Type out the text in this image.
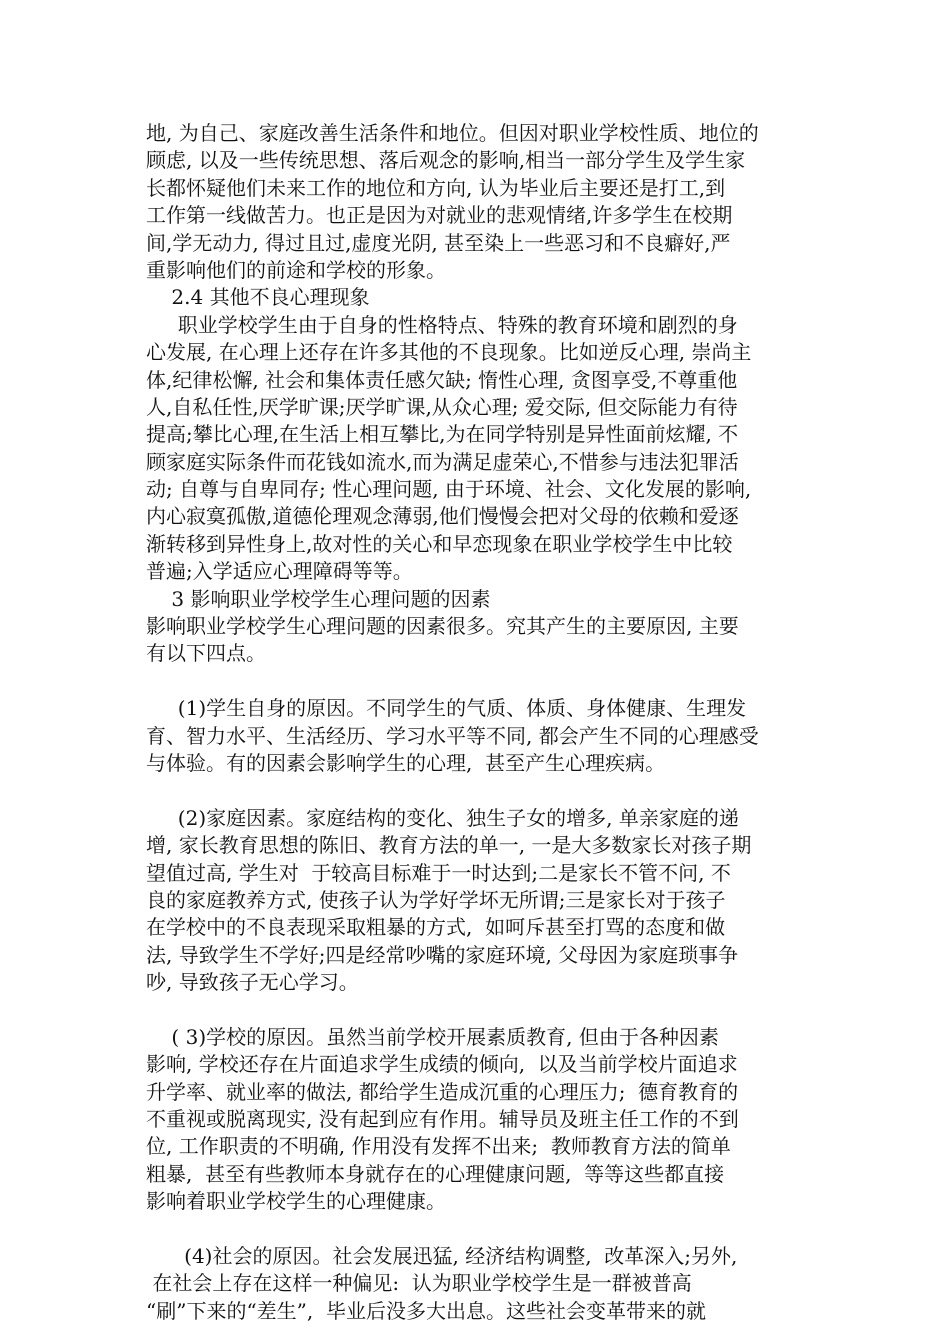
地, 为自己、家庭改善生活条件和地位。但因对职业学校性质、地位的

顾虑, 以及一些传统思想、落后观念的影响,相当一部分学生及学生家

长都怀疑他们未来工作的地位和方向, 认为毕业后主要还是打工,到

工作第一线做苦力。也正是因为对就业的悲观情绪,许多学生在校期

间,学无动力, 得过且过,虚度光阴, 甚至染上一些恶习和不良癖好,严

重影响他们的前途和学校的形象。

2.4 其他不良心理现象

职业学校学生由于自身的性格特点、特殊的教育环境和剧烈的身

心发展, 在心理上还存在许多其他的不良现象。比如逆反心理, 崇尚主

体,纪律松懈, 社会和集体责任感欠缺; 惰性心理, 贪图享受,不尊重他

人,自私任性,厌学旷课;厌学旷课,从众心理; 爱交际, 但交际能力有待

提高;攀比心理,在生活上相互攀比,为在同学特别是异性面前炫耀, 不

顾家庭实际条件而花钱如流水,而为满足虚荣心,不惜参与违法犯罪活

动; 自尊与自卑同存; 性心理问题, 由于环境、社会、文化发展的影响,

内心寂寞孤傲,道德伦理观念薄弱,他们慢慢会把对父母的依赖和爱逐

渐转移到异性身上,故对性的关心和早恋现象在职业学校学生中比较

普遍;入学适应心理障碍等等。

3 影响职业学校学生心理问题的因素

影响职业学校学生心理问题的因素很多。究其产生的主要原因, 主要

有以下四点。

(1)学生自身的原因。不同学生的气质、体质、身体健康、生理发

育、智力水平、生活经历、学习水平等不同, 都会产生不同的心理感受

与体验。有的因素会影响学生的心理,  甚至产生心理疾病。

(2)家庭因素。家庭结构的变化、独生子女的增多, 单亲家庭的递

增, 家长教育思想的陈旧、教育方法的单一, 一是大多数家长对孩子期

望值过高, 学生对  于较高目标难于一时达到;二是家长不管不问, 不

良的家庭教养方式, 使孩子认为学好学坏无所谓;三是家长对于孩子

在学校中的不良表现采取粗暴的方式,  如呵斥甚至打骂的态度和做

法, 导致学生不学好;四是经常吵嘴的家庭环境, 父母因为家庭琐事争

吵, 导致孩子无心学习。

( 3)学校的原因。虽然当前学校开展素质教育, 但由于各种因素

影响, 学校还存在片面追求学生成绩的倾向,  以及当前学校片面追求

升学率、就业率的做法, 都给学生造成沉重的心理压力;  德育教育的

不重视或脱离现实, 没有起到应有作用。辅导员及班主任工作的不到

位, 工作职责的不明确, 作用没有发挥不出来;  教师教育方法的简单

粗暴,  甚至有些教师本身就存在的心理健康问题,  等等这些都直接

影响着职业学校学生的心理健康。

(4)社会的原因。社会发展迅猛, 经济结构调整,  改革深入;另外,

在社会上存在这样一种偏见:  认为职业学校学生是一群被普高

“刷”下来的“差生”,  毕业后没多大出息。这些社会变革带来的就
